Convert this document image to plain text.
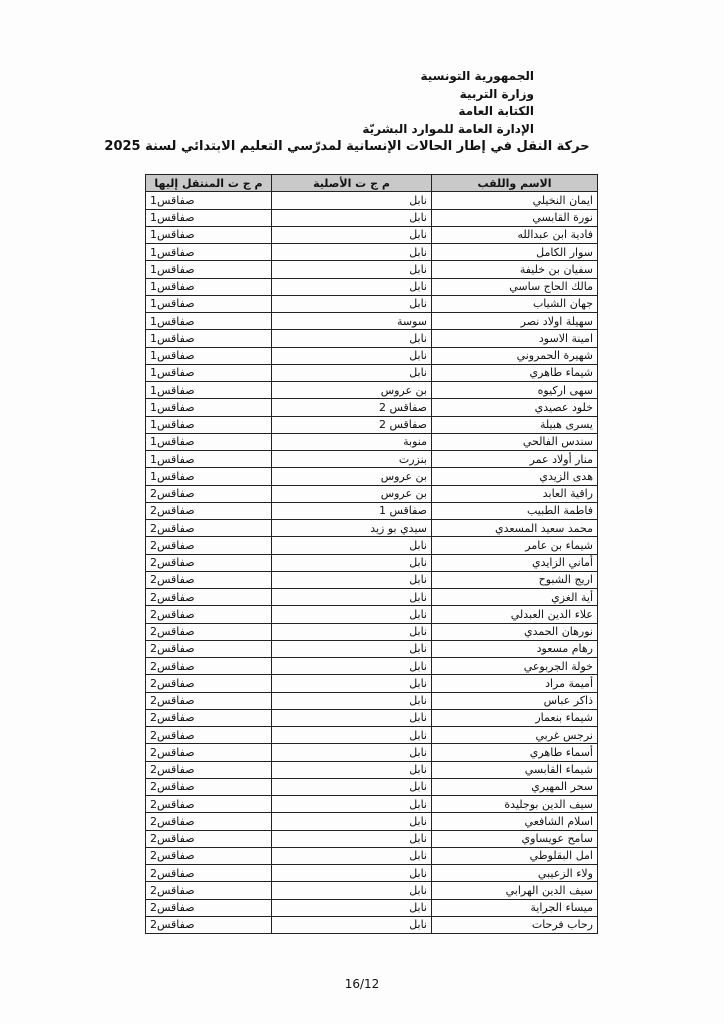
الجمهورية التونسية
وزارة التربية
الكتابة العامة
الإدارة العامة للموارد البشريّة
حركة النقل في إطار الحالات الإنسانية لمدرّسي التعليم الابتدائي لسنة 2025
الاسم واللقب	م ج ت الأصلية	م ج ت المنتقل إليها
ايمان النخيلي	نابل	صفاقس1
نورة القابسي	نابل	صفاقس1
فادية ابن عبدالله	نابل	صفاقس1
سوار الكامل	نابل	صفاقس1
سفيان بن خليفة	نابل	صفاقس1
مالك الحاج ساسي	نابل	صفاقس1
جهان الشياب	نابل	صفاقس1
سهيلة اولاد نصر	سوسة	صفاقس1
امينة الاسود	نابل	صفاقس1
شهيرة الحمروني	نابل	صفاقس1
شيماء طاهري	نابل	صفاقس1
سهى اركيوه	بن عروس	صفاقس1
خلود عصيدي	صفاقس 2	صفاقس1
يسرى هبيلة	صفاقس 2	صفاقس1
سندس الفالحي	منوبة	صفاقس1
منار أولاد عمر	بنزرت	صفاقس1
هدى الزيدي	بن عروس	صفاقس1
راقية العابد	بن عروس	صفاقس2
فاطمة الطبيب	صفاقس 1	صفاقس2
محمد سعيد المسعدي	سيدي بو زيد	صفاقس2
شيماء بن عامر	نابل	صفاقس2
أماني الزايدي	نابل	صفاقس2
اريج الشبوح	نابل	صفاقس2
أية الغزي	نابل	صفاقس2
علاء الدين العبدلي	نابل	صفاقس2
نورهان الحمدي	نابل	صفاقس2
رهام مسعود	نابل	صفاقس2
خولة الجربوعي	نابل	صفاقس2
أميمة مراد	نابل	صفاقس2
ذاكر عباس	نابل	صفاقس2
شيماء بنعمار	نابل	صفاقس2
نرجس غربي	نابل	صفاقس2
أسماء طاهري	نابل	صفاقس2
شيماء القابسي	نابل	صفاقس2
سحر المهيري	نابل	صفاقس2
سيف الدين بوجليدة	نابل	صفاقس2
اسلام الشافعي	نابل	صفاقس2
سامح عويساوي	نابل	صفاقس2
امل البقلوطي	نابل	صفاقس2
ولاء الزعيبي	نابل	صفاقس2
سيف الدين الهرابي	نابل	صفاقس2
ميساء الجراية	نابل	صفاقس2
رحاب فرحات	نابل	صفاقس2
16/12
